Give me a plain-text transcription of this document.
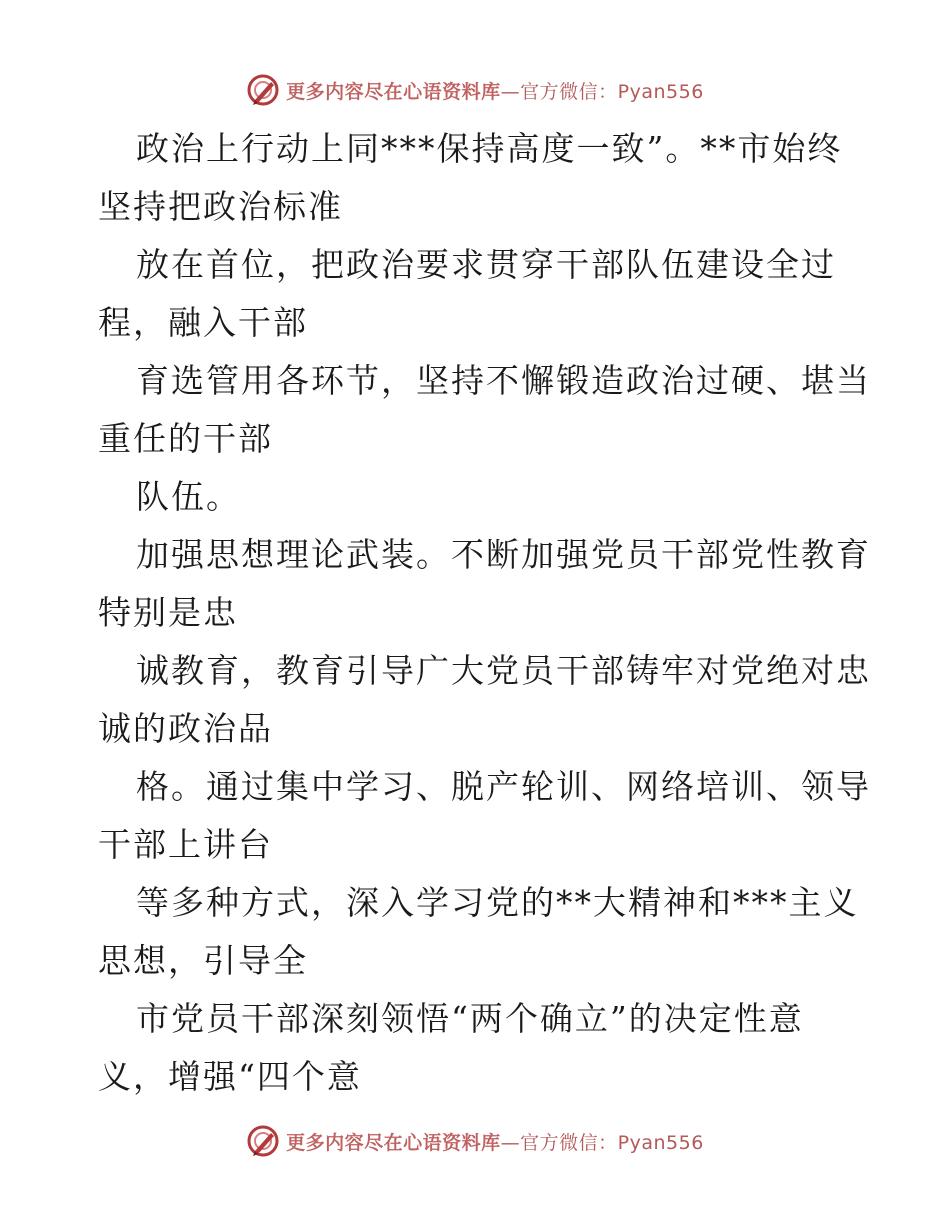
更多内容尽在心语资料库—官方微信：Pyan556
政治上行动上同***保持高度一致”。**市始终
坚持把政治标准
放在首位，把政治要求贯穿干部队伍建设全过
程，融入干部
育选管用各环节，坚持不懈锻造政治过硬、堪当
重任的干部
队伍。
加强思想理论武装。不断加强党员干部党性教育
特别是忠
诚教育，教育引导广大党员干部铸牢对党绝对忠
诚的政治品
格。通过集中学习、脱产轮训、网络培训、领导
干部上讲台
等多种方式，深入学习党的**大精神和***主义
思想，引导全
市党员干部深刻领悟“两个确立”的决定性意
义，增强“四个意
更多内容尽在心语资料库—官方微信：Pyan556
